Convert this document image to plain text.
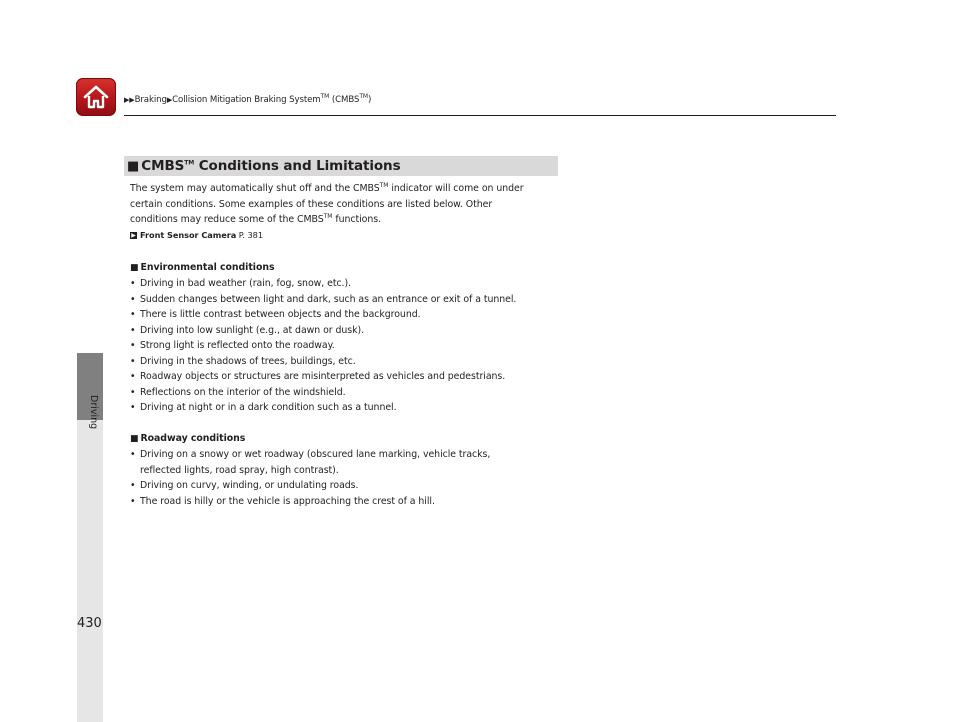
▶▶Braking▶Collision Mitigation Braking System™ (CMBS™)
Driving
430
■ CMBS™ Conditions and Limitations

The system may automatically shut off and the CMBS™ indicator will come on under

certain conditions. Some examples of these conditions are listed below. Other

conditions may reduce some of the CMBS™ functions.

▶ Front Sensor Camera P. 381
■ Environmental conditions
• Driving in bad weather (rain, fog, snow, etc.).
• Sudden changes between light and dark, such as an entrance or exit of a tunnel.
• There is little contrast between objects and the background.
• Driving into low sunlight (e.g., at dawn or dusk).
• Strong light is reflected onto the roadway.
• Driving in the shadows of trees, buildings, etc.
• Roadway objects or structures are misinterpreted as vehicles and pedestrians.
• Reflections on the interior of the windshield.
• Driving at night or in a dark condition such as a tunnel.
■ Roadway conditions
• Driving on a snowy or wet roadway (obscured lane marking, vehicle tracks,
reflected lights, road spray, high contrast).
• Driving on curvy, winding, or undulating roads.
• The road is hilly or the vehicle is approaching the crest of a hill.
